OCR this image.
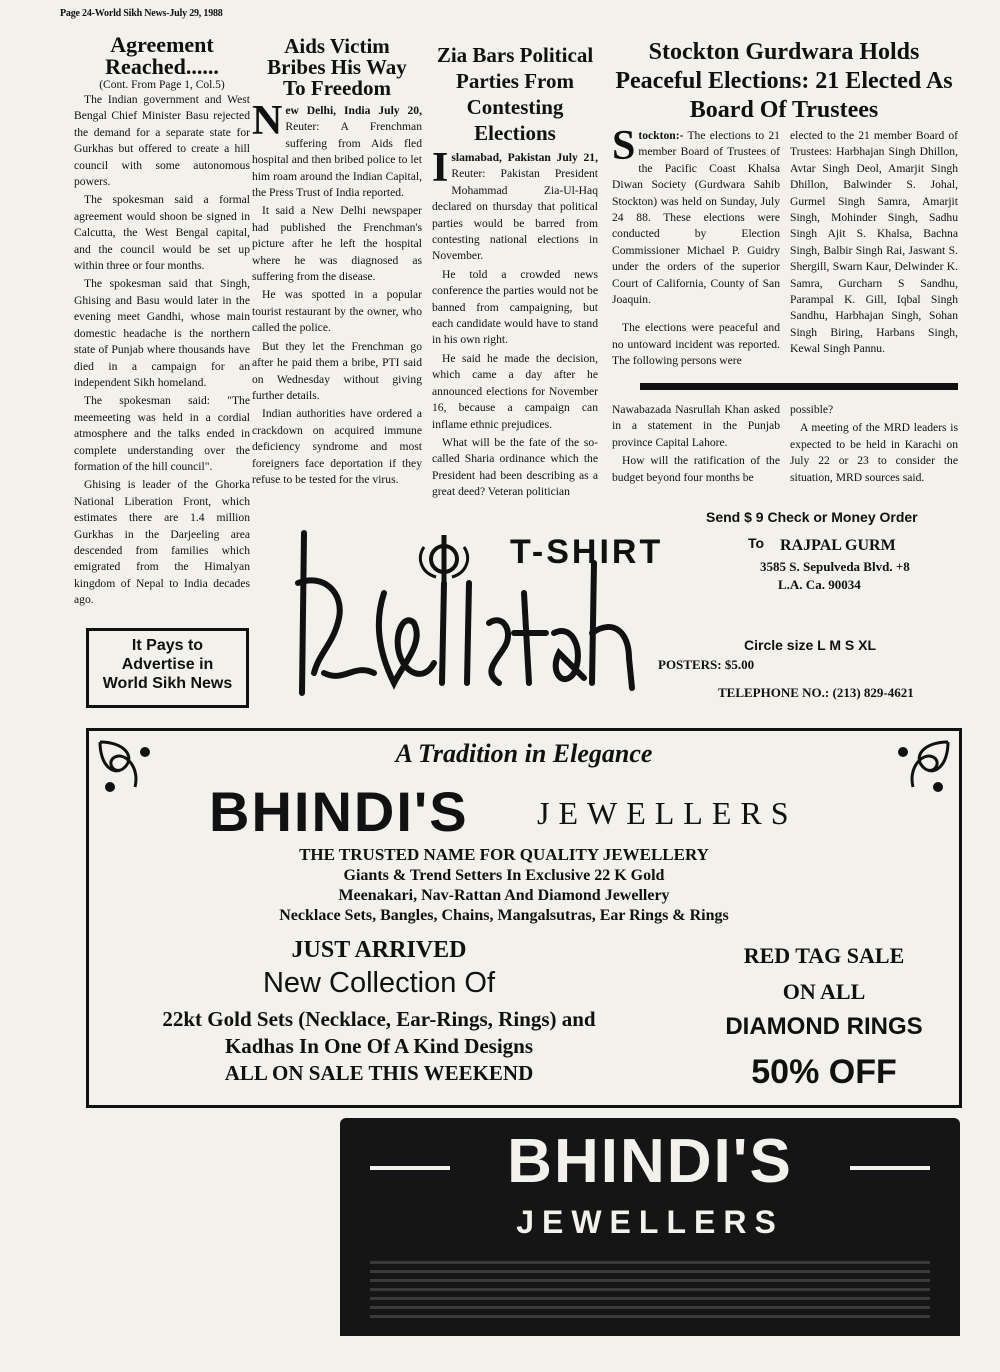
Page 24-World Sikh News-July 29, 1988
Agreement
Reached......
(Cont. From Page 1, Col.5)

The Indian government and West Bengal Chief Minister Basu rejected the demand for a separate state for Gurkhas but offered to create a hill council with some autonomous powers.

The spokesman said a formal agreement would shoon be signed in Calcutta, the West Bengal capital, and the council would be set up within three or four months.

The spokesman said that Singh, Ghising and Basu would later in the evening meet Gandhi, whose main domestic headache is the northern state of Punjab where thousands have died in a campaign for an independent Sikh homeland.

The spokesman said: "The meemeeting was held in a cordial atmosphere and the talks ended in complete understanding over the formation of the hill council".

Ghising is leader of the Ghorka National Liberation Front, which estimates there are 1.4 million Gurkhas in the Darjeeling area descended from families which emigrated from the Himalyan kingdom of Nepal to India decades ago.

It Pays to
Advertise in
World Sikh News
Aids Victim
Bribes His Way
To Freedom

New Delhi, India July 20, Reuter: A Frenchman suffering from Aids fled hospital and then bribed police to let him roam around the Indian Capital, the Press Trust of India reported.

It said a New Delhi newspaper had published the Frenchman's picture after he left the hospital where he was diagnosed as suffering from the disease.

He was spotted in a popular tourist restaurant by the owner, who called the police.

But they let the Frenchman go after he paid them a bribe, PTI said on Wednesday without giving further details.

Indian authorities have ordered a crackdown on acquired immune deficiency syndrome and most foreigners face deportation if they refuse to be tested for the virus.

Zia Bars Political
Parties From
Contesting
Elections

Islamabad, Pakistan July 21, Reuter: Pakistan President Mohammad Zia-Ul-Haq declared on thursday that political parties would be barred from contesting national elections in November.

He told a crowded news conference the parties would not be banned from campaigning, but each candidate would have to stand in his own right.

He said he made the decision, which came a day after he announced elections for November 16, because a campaign can inflame ethnic prejudices.

What will be the fate of the so-called Sharia ordinance which the President had been describing as a great deed? Veteran politician

Stockton Gurdwara Holds
Peaceful Elections: 21 Elected As
Board Of Trustees

Stockton:- The elections to 21 member Board of Trustees of the Pacific Coast Khalsa Diwan Society (Gurdwara Sahib Stockton) was held on Sunday, July 24 88. These elections were conducted by Election Commissioner Michael P. Guidry under the orders of the superior Court of California, County of San Joaquin.

The elections were peaceful and no untoward incident was reported. The following persons were

elected to the 21 member Board of Trustees: Harbhajan Singh Dhillon, Avtar Singh Deol, Amarjit Singh Dhillon, Balwinder S. Johal, Gurmel Singh Samra, Amarjit Singh, Mohinder Singh, Sadhu Singh Ajit S. Khalsa, Bachna Singh, Balbir Singh Rai, Jaswant S. Shergill, Swarn Kaur, Delwinder K. Samra, Gurcharn S Sandhu, Parampal K. Gill, Iqbal Singh Sandhu, Harbhajan Singh, Sohan Singh Biring, Harbans Singh, Kewal Singh Pannu.

Nawabazada Nasrullah Khan asked in a statement in the Punjab province Capital Lahore.

How will the ratification of the budget beyond four months be

possible?

A meeting of the MRD leaders is expected to be held in Karachi on July 22 or 23 to consider the situation, MRD sources said.

T-SHIRT
Send $ 9 Check or Money Order
To RAJPAL GURM
3585 S. Sepulveda Blvd. +8
L.A. Ca. 90034
Circle size L M S XL
POSTERS: $5.00
TELEPHONE NO.: (213) 829-4621
A Tradition in Elegance
BHINDI'S JEWELLERS
THE TRUSTED NAME FOR QUALITY JEWELLERY
Giants & Trend Setters In Exclusive 22 K Gold
Meenakari, Nav-Rattan And Diamond Jewellery
Necklace Sets, Bangles, Chains, Mangalsutras, Ear Rings & Rings
JUST ARRIVED
New Collection Of
22kt Gold Sets (Necklace, Ear-Rings, Rings) and
Kadhas In One Of A Kind Designs
ALL ON SALE THIS WEEKEND
RED TAG SALE
ON ALL
DIAMOND RINGS
50% OFF
BHINDI'S
JEWELLERS
